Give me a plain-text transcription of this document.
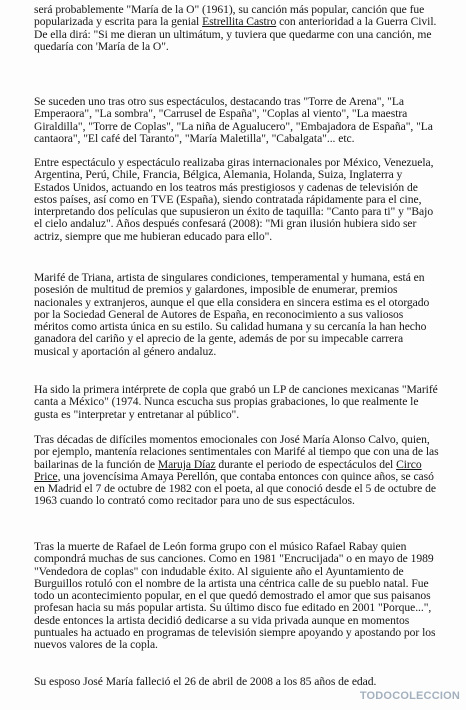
será probablemente "María de la O" (1961), su canción más popular, canción que fue
popularizada y escrita para la genial Estrellita Castro con anterioridad a la Guerra Civil.
De ella dirá: "Si me dieran un ultimátum, y tuviera que quedarme con una canción, me
quedaría con 'María de la O".

Se suceden uno tras otro sus espectáculos, destacando tras "Torre de Arena", "La
Emperaora", "La sombra", "Carrusel de España", "Coplas al viento", "La maestra
Giraldilla", "Torre de Coplas", "La niña de Agualucero", "Embajadora de España", "La
cantaora", "El café del Taranto", "María Maletilla", "Cabalgata"... etc.

Entre espectáculo y espectáculo realizaba giras internacionales por México, Venezuela,
Argentina, Perú, Chile, Francia, Bélgica, Alemania, Holanda, Suiza, Inglaterra y
Estados Unidos, actuando en los teatros más prestigiosos y cadenas de televisión de
estos países, así como en TVE (España), siendo contratada rápidamente para el cine,
interpretando dos películas que supusieron un éxito de taquilla: "Canto para ti" y "Bajo
el cielo andaluz". Años después confesará (2008): "Mi gran ilusión hubiera sido ser
actriz, siempre que me hubieran educado para ello".

Marifé de Triana, artista de singulares condiciones, temperamental y humana, está en
posesión de multitud de premios y galardones, imposible de enumerar, premios
nacionales y extranjeros, aunque el que ella considera en sincera estima es el otorgado
por la Sociedad General de Autores de España, en reconocimiento a sus valiosos
méritos como artista única en su estilo. Su calidad humana y su cercanía la han hecho
ganadora del cariño y el aprecio de la gente, además de por su impecable carrera
musical y aportación al género andaluz.

Ha sido la primera intérprete de copla que grabó un LP de canciones mexicanas "Marifé
canta a México" (1974. Nunca escucha sus propias grabaciones, lo que realmente le
gusta es "interpretar y entretanar al público".

Tras décadas de difíciles momentos emocionales con José María Alonso Calvo, quien,
por ejemplo, mantenía relaciones sentimentales con Marifé al tiempo que con una de las
bailarinas de la función de Maruja Díaz durante el periodo de espectáculos del Circo
Price, una jovencísima Amaya Perellón, que contaba entonces con quince años, se casó
en Madrid el 7 de octubre de 1982 con el poeta, al que conoció desde el 5 de octubre de
1963 cuando lo contrató como recitador para uno de sus espectáculos.

Tras la muerte de Rafael de León forma grupo con el músico Rafael Rabay quien
compondrá muchas de sus canciones. Como en 1981 "Encrucijada" o en mayo de 1989
"Vendedora de coplas" con indudable éxito. Al siguiente año el Ayuntamiento de
Burguillos rotuló con el nombre de la artista una céntrica calle de su pueblo natal. Fue
todo un acontecimiento popular, en el que quedó demostrado el amor que sus paisanos
profesan hacia su más popular artista. Su último disco fue editado en 2001 "Porque...",
desde entonces la artista decidió dedicarse a su vida privada aunque en momentos
puntuales ha actuado en programas de televisión siempre apoyando y apostando por los
nuevos valores de la copla.

Su esposo José María falleció el 26 de abril de 2008 a los 85 años de edad.

TODOCOLECCION
